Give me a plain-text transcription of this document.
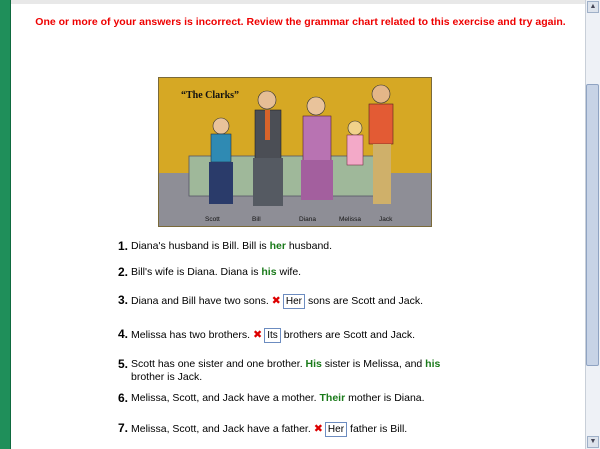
One or more of your answers is incorrect. Review the grammar chart related to this exercise and try again.
“The Clarks”
Scott	Bill	Diana	Melissa	Jack
1. Diana's husband is Bill. Bill is her husband.
2. Bill's wife is Diana. Diana is his wife.
3. Diana and Bill have two sons. ✖ Her sons are Scott and Jack.
4. Melissa has two brothers. ✖ Its brothers are Scott and Jack.
5. Scott has one sister and one brother. His sister is Melissa, and his brother is Jack.
6. Melissa, Scott, and Jack have a mother. Their mother is Diana.
7. Melissa, Scott, and Jack have a father. ✖ Her father is Bill.
▲
▼
